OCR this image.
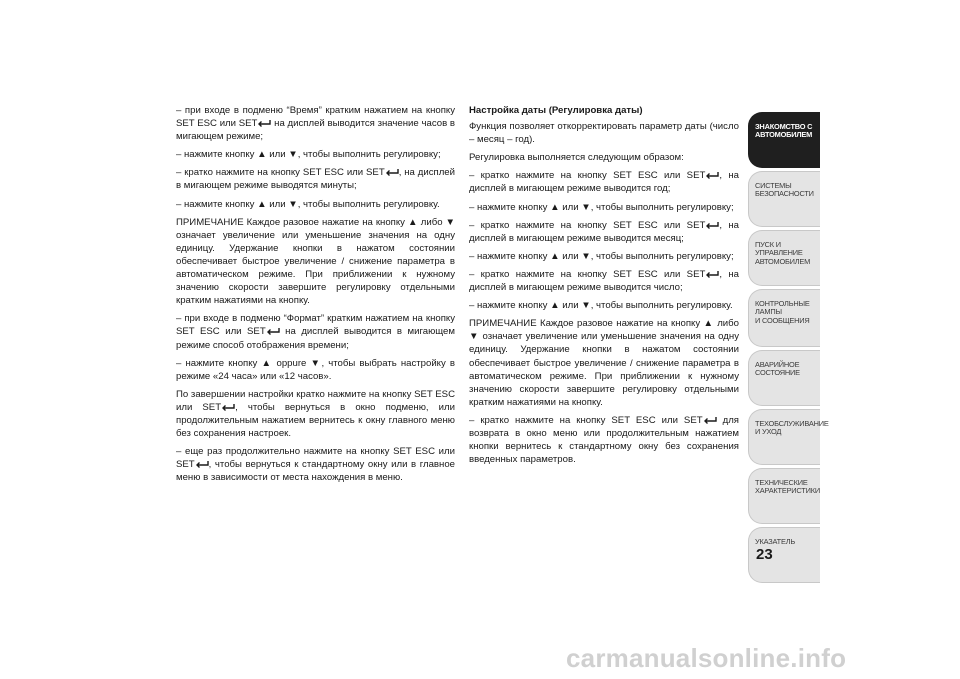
– при входе в подменю “Время” кратким нажатием на кнопку SET ESC или SET
на дисплей выводится значение часов в мигающем режиме;

– нажмите кнопку ▲ или ▼, чтобы выполнить регулировку;

– кратко нажмите на кнопку SET ESC или SET , на дисплей в мигающем режиме выводятся минуты;

– нажмите кнопку ▲ или ▼, чтобы выполнить регулировку.

ПРИМЕЧАНИЕ Каждое разовое нажатие на кнопку ▲ либо ▼ означает увеличение или уменьшение значения на одну единицу. Удержание кнопки в нажатом состоянии обеспечивает быстрое увеличение / снижение параметра в автоматическом режиме. При приближении к нужному значению скорости завершите регулировку отдельными кратким нажатиями на кнопку.

– при входе в подменю “Формат” кратким нажатием на кнопку SET ESC или SET
на дисплей выводится в мигающем режиме способ отображения времени;

– нажмите кнопку ▲ oppure ▼, чтобы выбрать настройку в режиме «24 часа» или «12 часов».

По завершении настройки кратко нажмите на кнопку SET ESC или SET , чтобы вернуться в окно подменю, или продолжительным нажатием вернитесь к окну главного меню без сохранения настроек.

– еще раз продолжительно нажмите на кнопку SET ESC или SET , чтобы вернуться к стандартному окну или в главное меню в зависимости от места нахождения в меню.

Настройка даты (Регулировка даты)

Функция позволяет откорректировать параметр даты (число – месяц – год).

Регулировка выполняется следующим образом:

– кратко нажмите на кнопку SET ESC или SET , на дисплей в мигающем режиме выводится год;

– нажмите кнопку ▲ или ▼, чтобы выполнить регулировку;

– кратко нажмите на кнопку SET ESC или SET , на дисплей в мигающем режиме выводится месяц;

– нажмите кнопку ▲ или ▼, чтобы выполнить регулировку;

– кратко нажмите на кнопку SET ESC или SET , на дисплей в мигающем режиме выводится число;

– нажмите кнопку ▲ или ▼, чтобы выполнить регулировку.

ПРИМЕЧАНИЕ Каждое разовое нажатие на кнопку ▲ либо ▼ означает увеличение или уменьшение значения на одну единицу. Удержание кнопки в нажатом состоянии обеспечивает быстрое увеличение / снижение параметра в автоматическом режиме. При приближении к нужному значению скорости завершите регулировку отдельными кратким нажатиями на кнопку.

– кратко нажмите на кнопку SET ESC или SET
для возврата в окно меню или продолжительным нажатием кнопки вернитесь к стандартному окну без сохранения введенных параметров.

ЗНАКОМСТВО С
АВТОМОБИЛЕМ
СИСТЕМЫ
БЕЗОПАСНОСТИ
ПУСК И УПРАВЛЕНИЕ
АВТОМОБИЛЕМ
КОНТРОЛЬНЫЕ
ЛАМПЫ
И СООБЩЕНИЯ
АВАРИЙНОЕ
СОСТОЯНИЕ
ТЕХОБСЛУЖИВАНИЕ
И УХОД
ТЕХНИЧЕСКИЕ
ХАРАКТЕРИСТИКИ
УКАЗАТЕЛЬ
23
carmanualsonline.info
